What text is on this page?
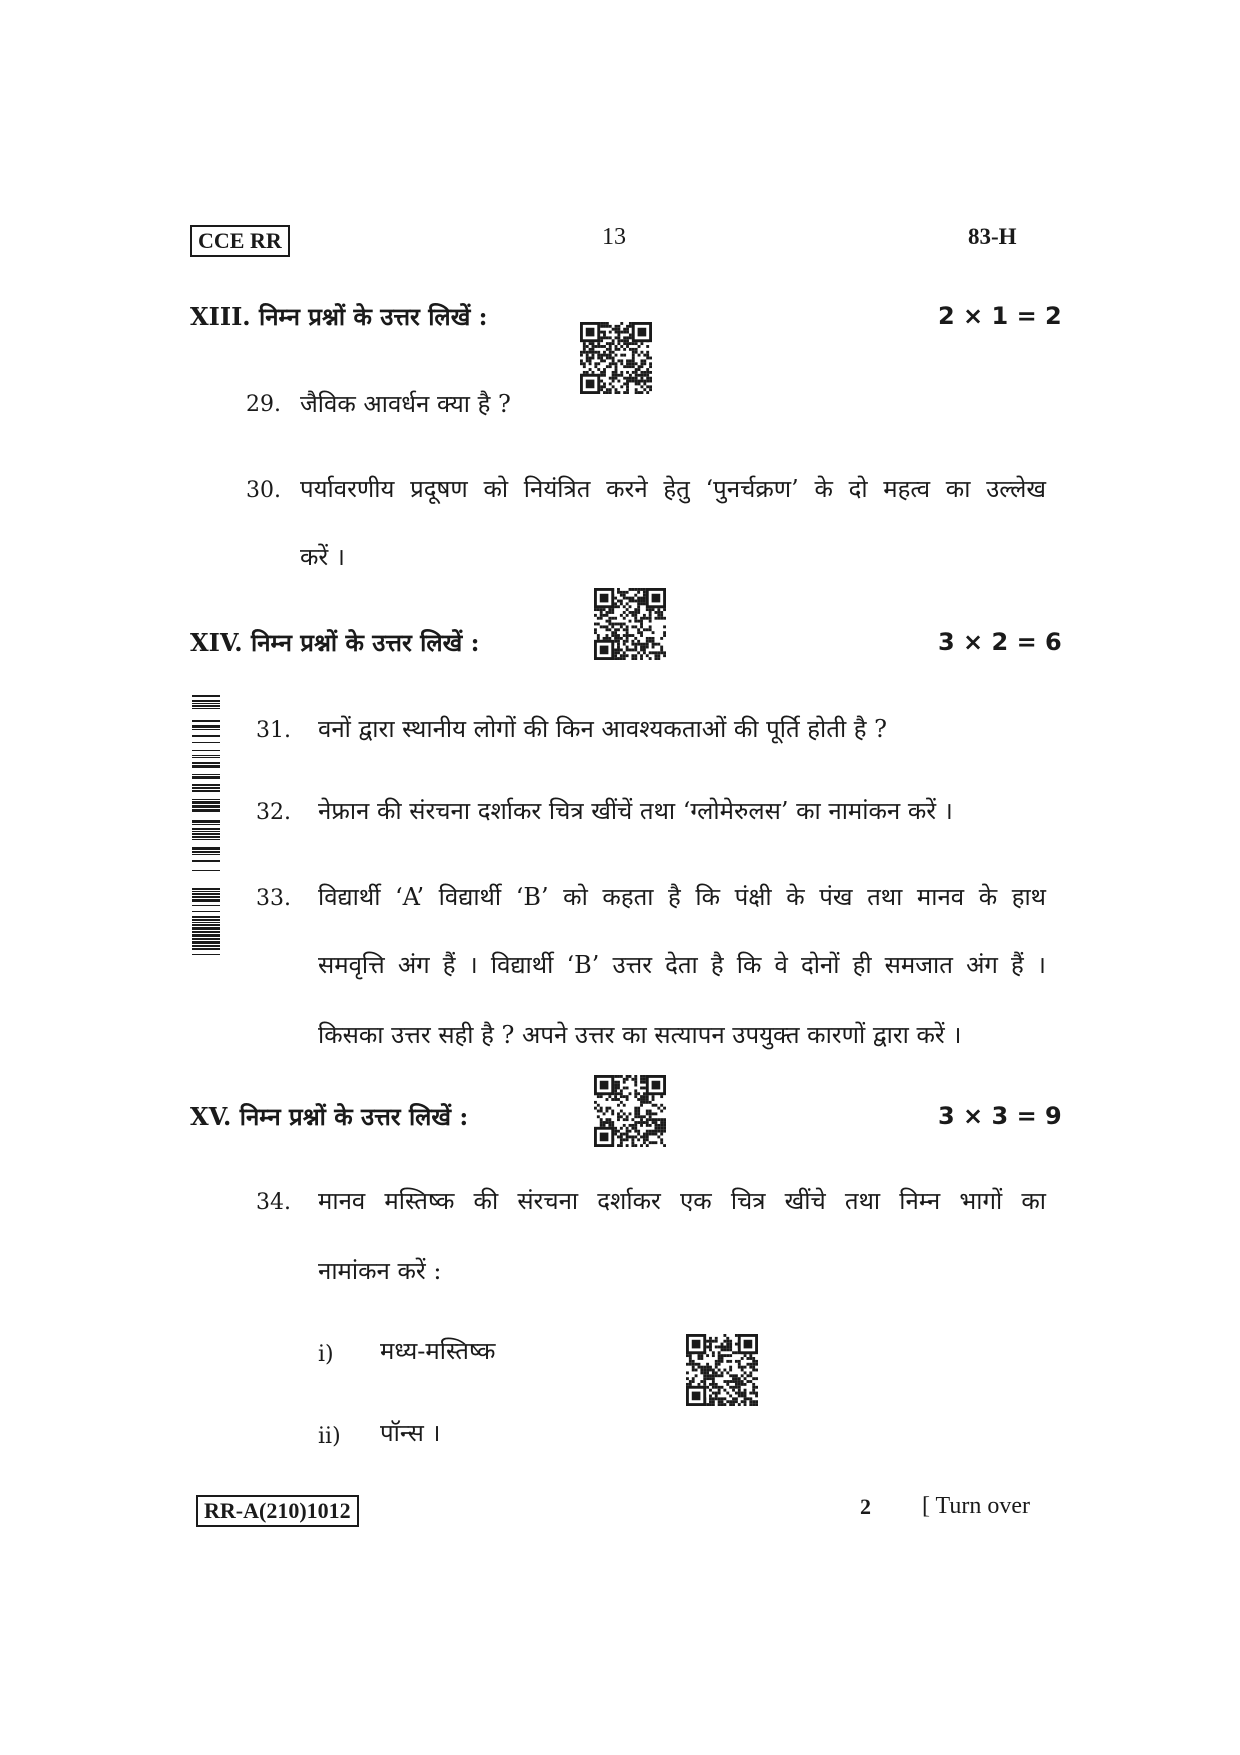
CCE RR	13	83-H
XIII. निम्न प्रश्नों के उत्तर लिखें :	2 × 1 = 2
29. जैविक आवर्धन क्या है ?
30. पर्यावरणीय प्रदूषण को नियंत्रित करने हेतु ‘पुनर्चक्रण’ के दो महत्व का उल्लेख
करें ।
XIV. निम्न प्रश्नों के उत्तर लिखें :	3 × 2 = 6
31. वनों द्वारा स्थानीय लोगों की किन आवश्यकताओं की पूर्ति होती है ?
32. नेफ्रान की संरचना दर्शाकर चित्र खींचें तथा ‘ग्लोमेरुलस’ का नामांकन करें ।
33. विद्यार्थी ‘A’ विद्यार्थी ‘B’ को कहता है कि पंक्षी के पंख तथा मानव के हाथ
समवृत्ति अंग हैं । विद्यार्थी ‘B’ उत्तर देता है कि वे दोनों ही समजात अंग हैं ।
किसका उत्तर सही है ? अपने उत्तर का सत्यापन उपयुक्त कारणों द्वारा करें ।
XV. निम्न प्रश्नों के उत्तर लिखें :	3 × 3 = 9
34. मानव मस्तिष्क की संरचना दर्शाकर एक चित्र खींचे तथा निम्न भागों का
नामांकन करें :
i) मध्य-मस्तिष्क
ii) पॉन्स ।
RR-A(210)1012	2 [ Turn over
